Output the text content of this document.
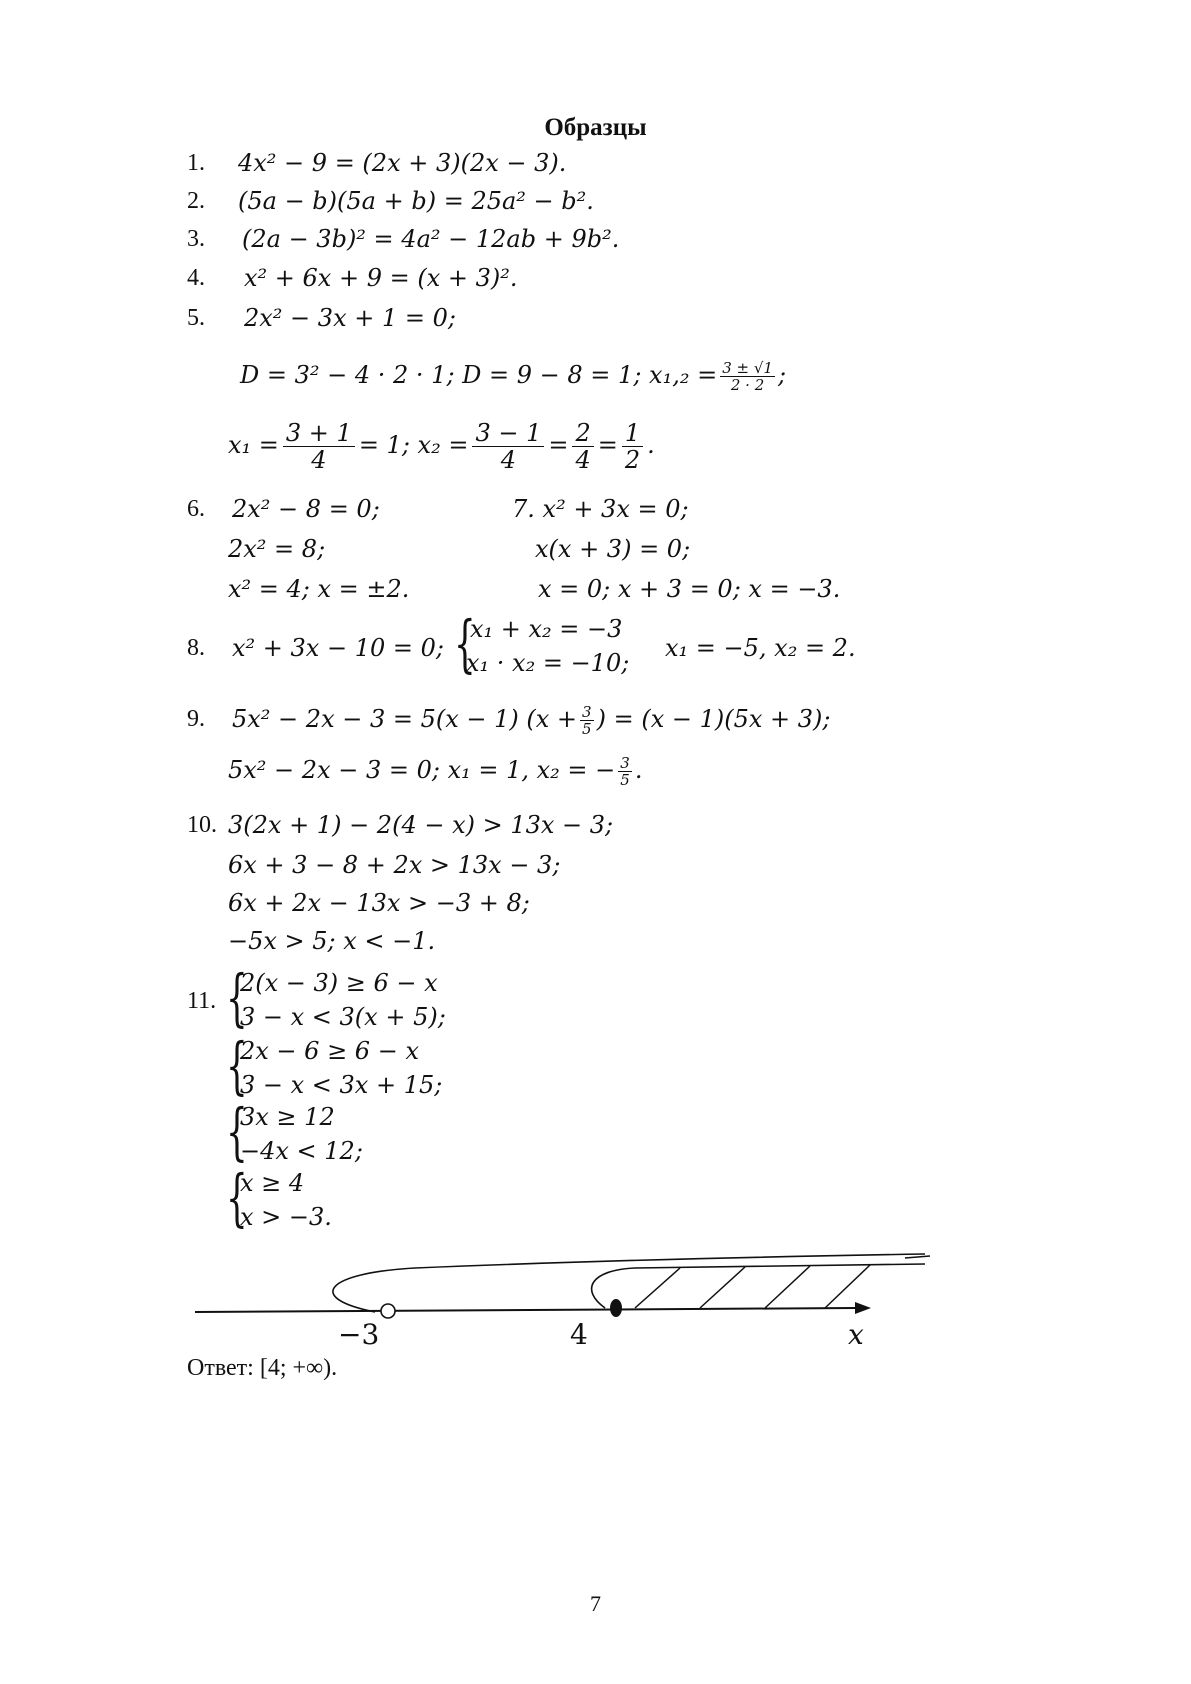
Образцы
1. 4x² − 9 = (2x + 3)(2x − 3).
2. (5a − b)(5a + b) = 25a² − b².
3. (2a − 3b)² = 4a² − 12ab + 9b².
4. x² + 6x + 9 = (x + 3)².
5. 2x² − 3x + 1 = 0;
D = 3² − 4 · 2 · 1; D = 9 − 8 = 1; $x_1,_2 = \frac{3 \pm √1}{2 \cdot 2}$ ;
$x_1 = \frac{3 + 1}{4} = 1$; $x_2 = \frac{3 - 1}{4} = \frac{2}{4} = \frac{1}{2}$ .
6. 2x² − 8 = 0;
2x² = 8;
x² = 4; x = ±2.
7. x² + 3x = 0;
x(x + 3) = 0;
x = 0; x + 3 = 0; x = −3.
8. x² + 3x − 10 = 0; {
x₁ + x₂ = −3
x₁ · x₂ = −10;
x₁ = −5, x₂ = 2.
9. 5x² − 2x − 3 = 5(x − 1) ($x + \frac{3}{5}$ ) = (x − 1)(5x + 3);
5x² − 2x − 3 = 0; x₁ = 1, x₂ = − $\frac{3}{5}$ .
10. 3(2x + 1) − 2(4 − x) > 13x − 3;
6x + 3 − 8 + 2x > 13x − 3;
6x + 2x − 13x > −3 + 8;
−5x > 5; x < −1.
11. {
2(x − 3) ≥ 6 − x
3 − x < 3(x + 5);
{
2x − 6 ≥ 6 − x
3 − x < 3x + 15;
{
3x ≥ 12
−4x < 12;
{
x ≥ 4
x > −3.
−3	4	x
Ответ: [4; +∞).
7
